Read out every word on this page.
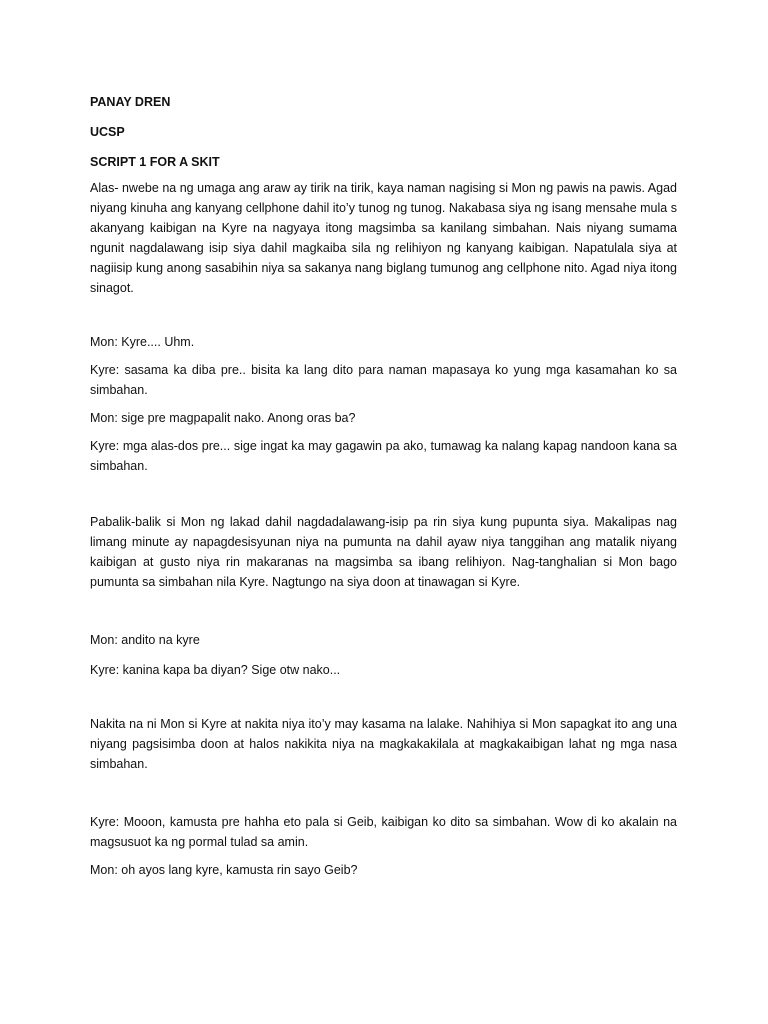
PANAY DREN

UCSP

SCRIPT 1 FOR A SKIT

Alas- nwebe na ng umaga ang araw ay tirik na tirik, kaya naman nagising si Mon ng pawis na pawis. Agad niyang kinuha ang kanyang cellphone dahil ito’y tunog ng tunog. Nakabasa siya ng isang mensahe mula s akanyang kaibigan na Kyre na nagyaya itong magsimba sa kanilang simbahan. Nais niyang sumama ngunit nagdalawang isip siya dahil magkaiba sila ng relihiyon ng kanyang kaibigan. Napatulala siya at nagiisip kung anong sasabihin niya sa sakanya nang biglang tumunog ang cellphone nito. Agad niya itong sinagot.

Mon: Kyre.... Uhm.

Kyre: sasama ka diba pre.. bisita ka lang dito para naman mapasaya ko yung mga kasamahan ko sa simbahan.

Mon: sige pre magpapalit nako. Anong oras ba?

Kyre: mga alas-dos pre... sige ingat ka may gagawin pa ako, tumawag ka nalang kapag nandoon kana sa simbahan.

Pabalik-balik si Mon ng lakad dahil nagdadalawang-isip pa rin siya kung pupunta siya. Makalipas nag limang minute ay napagdesisyunan niya na pumunta na dahil ayaw niya tanggihan ang matalik niyang kaibigan at gusto niya rin makaranas na magsimba sa ibang relihiyon. Nag-tanghalian si Mon bago pumunta sa simbahan nila Kyre. Nagtungo na siya doon at tinawagan si Kyre.

Mon: andito na kyre

Kyre: kanina kapa ba diyan? Sige otw nako...

Nakita na ni Mon si Kyre at nakita niya ito’y may kasama na lalake. Nahihiya si Mon sapagkat ito ang una niyang pagsisimba doon at halos nakikita niya na magkakakilala at magkakaibigan lahat ng mga nasa simbahan.

Kyre: Mooon, kamusta pre hahha eto pala si Geib, kaibigan ko dito sa simbahan. Wow di ko akalain na magsusuot ka ng pormal tulad sa amin.

Mon: oh ayos lang kyre, kamusta rin sayo Geib?
